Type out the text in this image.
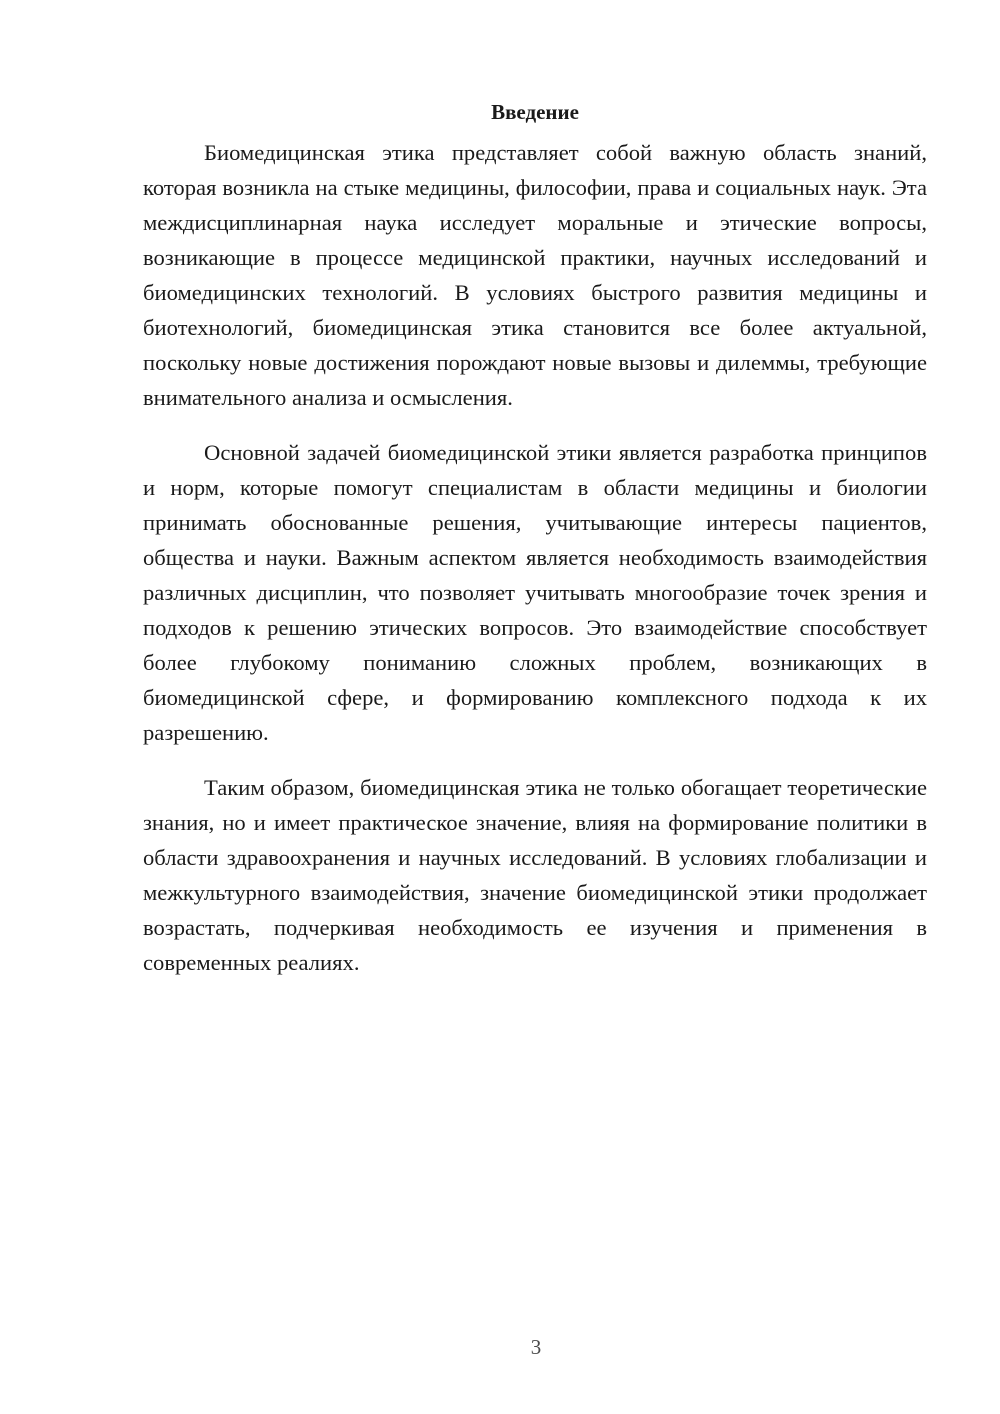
Введение

Биомедицинская этика представляет собой важную область знаний, которая возникла на стыке медицины, философии, права и социальных наук. Эта междисциплинарная наука исследует моральные и этические вопросы, возникающие в процессе медицинской практики, научных исследований и биомедицинских технологий. В условиях быстрого развития медицины и биотехнологий, биомедицинская этика становится все более актуальной, поскольку новые достижения порождают новые вызовы и дилеммы, требующие внимательного анализа и осмысления.

Основной задачей биомедицинской этики является разработка принципов и норм, которые помогут специалистам в области медицины и биологии принимать обоснованные решения, учитывающие интересы пациентов, общества и науки. Важным аспектом является необходимость взаимодействия различных дисциплин, что позволяет учитывать многообразие точек зрения и подходов к решению этических вопросов. Это взаимодействие способствует более глубокому пониманию сложных проблем, возникающих в биомедицинской сфере, и формированию комплексного подхода к их разрешению.

Таким образом, биомедицинская этика не только обогащает теоретические знания, но и имеет практическое значение, влияя на формирование политики в области здравоохранения и научных исследований. В условиях глобализации и межкультурного взаимодействия, значение биомедицинской этики продолжает возрастать, подчеркивая необходимость ее изучения и применения в современных реалиях.

3
